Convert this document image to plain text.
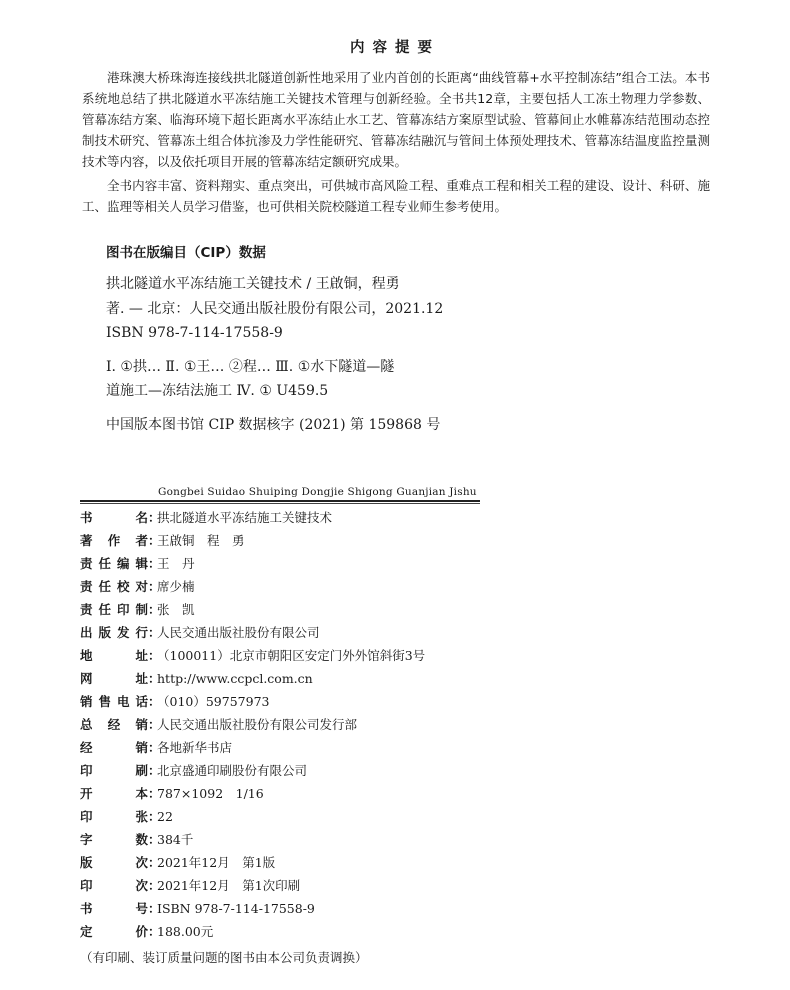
内容提要

港珠澳大桥珠海连接线拱北隧道创新性地采用了业内首创的长距离“曲线管幕+水平控制冻结”组合工法。本书系统地总结了拱北隧道水平冻结施工关键技术管理与创新经验。全书共12章，主要包括人工冻土物理力学参数、管幕冻结方案、临海环境下超长距离水平冻结止水工艺、管幕冻结方案原型试验、管幕间止水帷幕冻结范围动态控制技术研究、管幕冻土组合体抗渗及力学性能研究、管幕冻结融沉与管间土体预处理技术、管幕冻结温度监控量测技术等内容，以及依托项目开展的管幕冻结定额研究成果。

全书内容丰富、资料翔实、重点突出，可供城市高风险工程、重难点工程和相关工程的建设、设计、科研、施工、监理等相关人员学习借鉴，也可供相关院校隧道工程专业师生参考使用。

图书在版编目（CIP）数据
拱北隧道水平冻结施工关键技术 / 王啟铜，程勇
著. — 北京：人民交通出版社股份有限公司，2021.12
ISBN 978-7-114-17558-9
I. ①拱… Ⅱ. ①王… ②程… Ⅲ. ①水下隧道—隧
道施工—冻结法施工 Ⅳ. ① U459.5
中国版本图书馆 CIP 数据核字 (2021) 第 159868 号
Gongbei Suidao Shuiping Dongjie Shigong Guanjian Jishu
书	名 ：
拱北隧道水平冻结施工关键技术
著 作 者 ：
王啟铜　程　勇
责 任 编 辑 ：
王　丹
责 任 校 对 ：
席少楠
责 任 印 制 ：
张　凯
出 版 发 行 ：
人民交通出版社股份有限公司
地	址 ：
（100011）北京市朝阳区安定门外外馆斜街3号
网	址 ：
http://www.ccpcl.com.cn
销 售 电 话 ：
（010）59757973
总 经 销 ：
人民交通出版社股份有限公司发行部
经	销 ：
各地新华书店
印	刷 ：
北京盛通印刷股份有限公司
开	本 ：
787×1092　1/16
印	张 ：
22
字	数 ：
384千
版	次 ：
2021年12月　第1版
印	次 ：
2021年12月　第1次印刷
书	号 ：
ISBN 978-7-114-17558-9
定	价 ：
188.00元
（有印刷、装订质量问题的图书由本公司负责调换）
